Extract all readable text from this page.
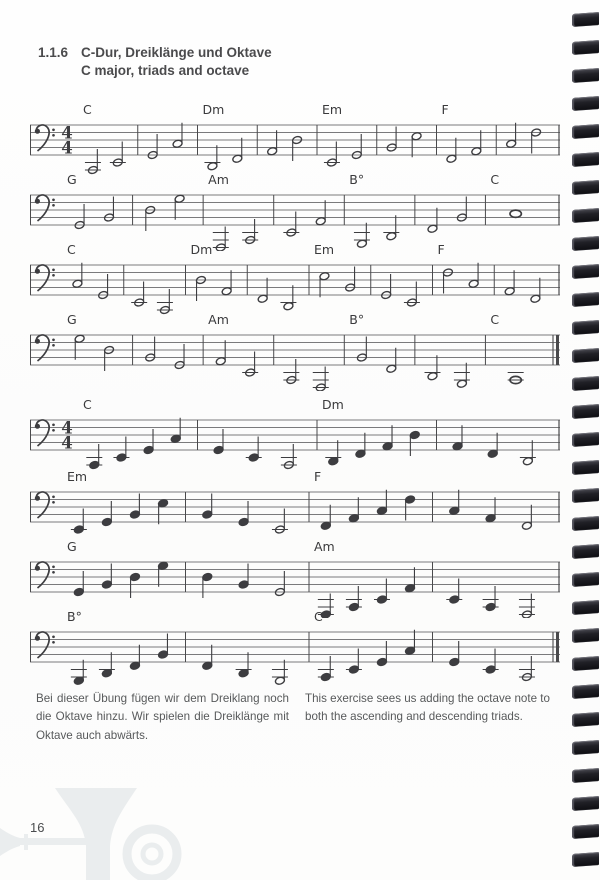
1.1.6 C-Dur, Dreiklänge und Oktave
C major, triads and octave
4
4
C	Dm	Em	F
G	Am	B°	C
C	Dm	Em	F
G	Am	B°	C
4
4
C	Dm
Em	F
G	Am
B°	C

Bei dieser Übung fügen wir dem Dreiklang noch die Oktave hinzu. Wir spielen die Dreiklänge mit Oktave auch abwärts.

This exercise sees us adding the octave note to both the ascending and descending triads.

16
